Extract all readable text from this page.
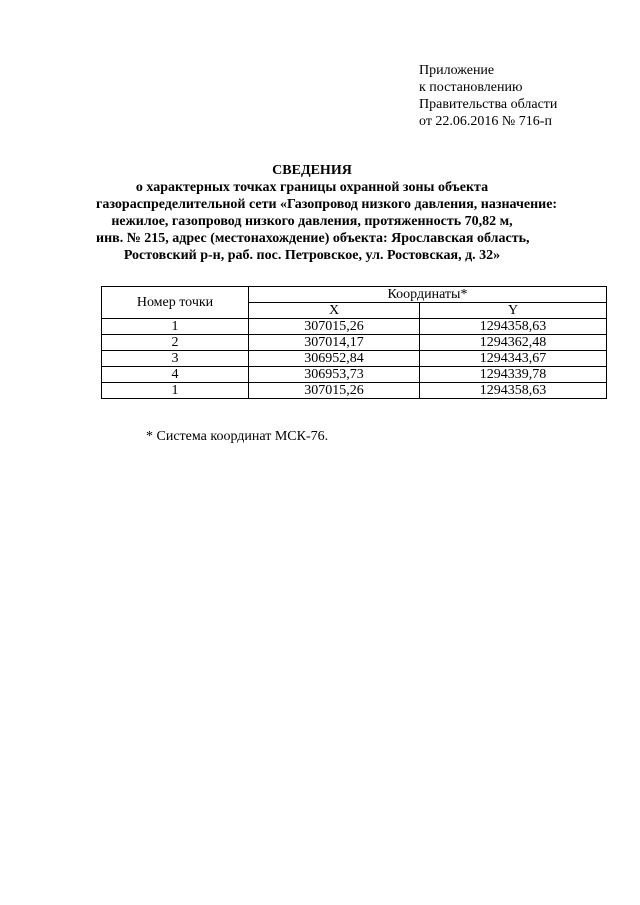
Приложение
к постановлению
Правительства области
от 22.06.2016 № 716-п
СВЕДЕНИЯ
о характерных точках границы охранной зоны объекта
газораспределительной сети «Газопровод низкого давления, назначение:
нежилое, газопровод низкого давления, протяженность 70,82 м,
инв. № 215, адрес (местонахождение) объекта: Ярославская область,
Ростовский р-н, раб. пос. Петровское, ул. Ростовская, д. 32»
Номер точки	Координаты*	
	X	Y
1	307015,26	1294358,63
2	307014,17	1294362,48
3	306952,84	1294343,67
4	306953,73	1294339,78
1	307015,26	1294358,63
* Система координат МСК-76.
